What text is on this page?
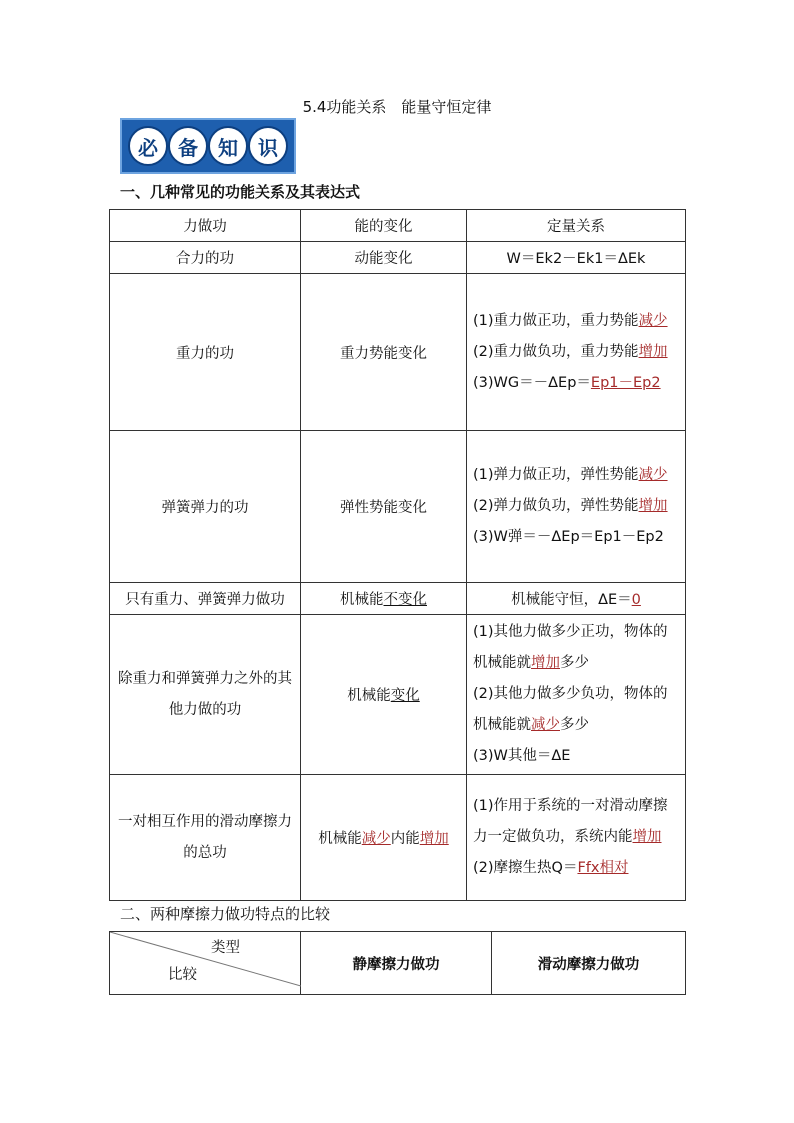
5.4功能关系　能量守恒定律
必	备	知	识
一、几种常见的功能关系及其表达式
力做功	能的变化	定量关系
合力的功	动能变化	W＝Ek2－Ek1＝ΔEk
重力的功	重力势能变化	(1)重力做正功，重力势能减少
(2)重力做负功，重力势能增加
(3)WG＝－ΔEp＝Ep1－Ep2
弹簧弹力的功	弹性势能变化	(1)弹力做正功，弹性势能减少
(2)弹力做负功，弹性势能增加
(3)W弹＝－ΔEp＝Ep1－Ep2
只有重力、弹簧弹力做功	机械能不变化	机械能守恒，ΔE＝0
除重力和弹簧弹力之外的其他力做的功	机械能变化	(1)其他力做多少正功，物体的机械能就增加多少
(2)其他力做多少负功，物体的机械能就减少多少
(3)W其他＝ΔE
一对相互作用的滑动摩擦力的总功	机械能减少内能增加	(1)作用于系统的一对滑动摩擦力一定做负功，系统内能增加
(2)摩擦生热Q＝Ffx相对
二、两种摩擦力做功特点的比较
类型
比较
	静摩擦力做功	滑动摩擦力做功
